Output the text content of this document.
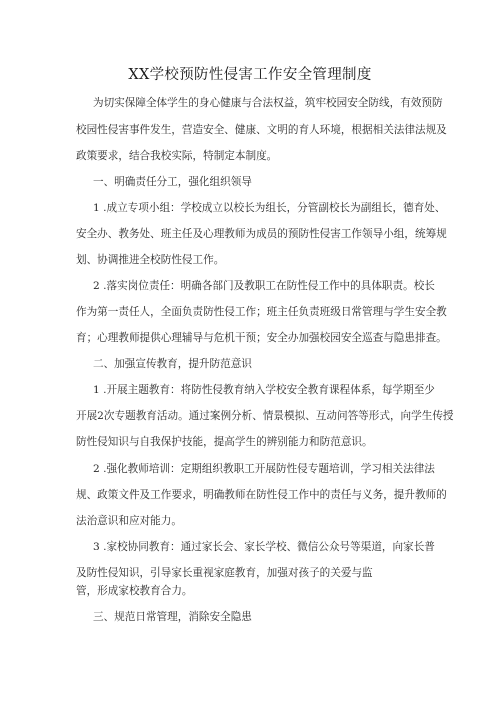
XX学校预防性侵害工作安全管理制度
为切实保障全体学生的身心健康与合法权益，筑牢校园安全防线，有效预防
校园性侵害事件发生，营造安全、健康、文明的育人环境，根据相关法律法规及
政策要求，结合我校实际，特制定本制度。
一、明确责任分工，强化组织领导
1 .成立专项小组：学校成立以校长为组长，分管副校长为副组长，德育处、
安全办、教务处、班主任及心理教师为成员的预防性侵害工作领导小组，统筹规
划、协调推进全校防性侵工作。
2 .落实岗位责任：明确各部门及教职工在防性侵工作中的具体职责。校长
作为第一责任人，全面负责防性侵工作；班主任负责班级日常管理与学生安全教
育；心理教师提供心理辅导与危机干预；安全办加强校园安全巡查与隐患排查。
二、加强宣传教育，提升防范意识
1 .开展主题教育：将防性侵教育纳入学校安全教育课程体系，每学期至少
开展2次专题教育活动。通过案例分析、情景模拟、互动问答等形式，向学生传授
防性侵知识与自我保护技能，提高学生的辨别能力和防范意识。
2 .强化教师培训：定期组织教职工开展防性侵专题培训，学习相关法律法
规、政策文件及工作要求，明确教师在防性侵工作中的责任与义务，提升教师的
法治意识和应对能力。
3 .家校协同教育：通过家长会、家长学校、微信公众号等渠道，向家长普
及防性侵知识，引导家长重视家庭教育，加强对孩子的关爱与监
管，形成家校教育合力。
三、规范日常管理，消除安全隐患
